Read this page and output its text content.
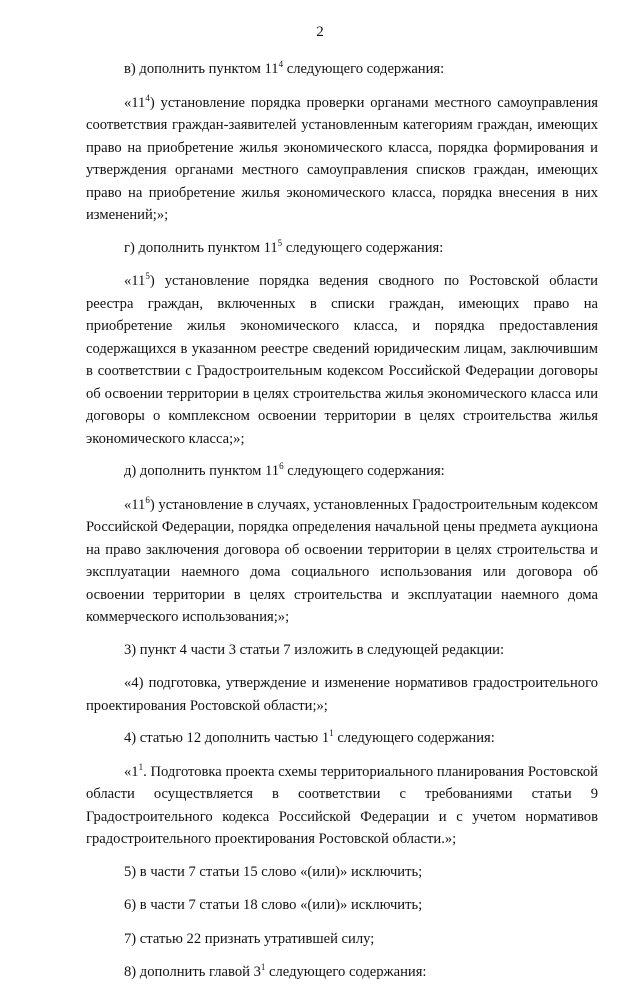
2

в) дополнить пунктом $11^4$ следующего содержания:

«$11^4$) установление порядка проверки органами местного самоуправления соответствия граждан-заявителей установленным категориям граждан, имеющих право на приобретение жилья экономического класса, порядка формирования и утверждения органами местного самоуправления списков граждан, имеющих право на приобретение жилья экономического класса, порядка внесения в них изменений;»;

г) дополнить пунктом $11^5$ следующего содержания:

«$11^5$) установление порядка ведения сводного по Ростовской области реестра граждан, включенных в списки граждан, имеющих право на приобретение жилья экономического класса, и порядка предоставления содержащихся в указанном реестре сведений юридическим лицам, заключившим в соответствии с Градостроительным кодексом Российской Федерации договоры об освоении территории в целях строительства жилья экономического класса или договоры о комплексном освоении территории в целях строительства жилья экономического класса;»;

д) дополнить пунктом $11^6$ следующего содержания:

«$11^6$) установление в случаях, установленных Градостроительным кодексом Российской Федерации, порядка определения начальной цены предмета аукциона на право заключения договора об освоении территории в целях строительства и эксплуатации наемного дома социального использования или договора об освоении территории в целях строительства и эксплуатации наемного дома коммерческого использования;»;

3) пункт 4 части 3 статьи 7 изложить в следующей редакции:

«4) подготовка, утверждение и изменение нормативов градостроительного проектирования Ростовской области;»;

4) статью 12 дополнить частью $1^1$ следующего содержания:

«$1^1$. Подготовка проекта схемы территориального планирования Ростовской области осуществляется в соответствии с требованиями статьи 9 Градостроительного кодекса Российской Федерации и с учетом нормативов градостроительного проектирования Ростовской области.»;

5) в части 7 статьи 15 слово «(или)» исключить;

6) в части 7 статьи 18 слово «(или)» исключить;

7) статью 22 признать утратившей силу;

8) дополнить главой $3^1$ следующего содержания:
